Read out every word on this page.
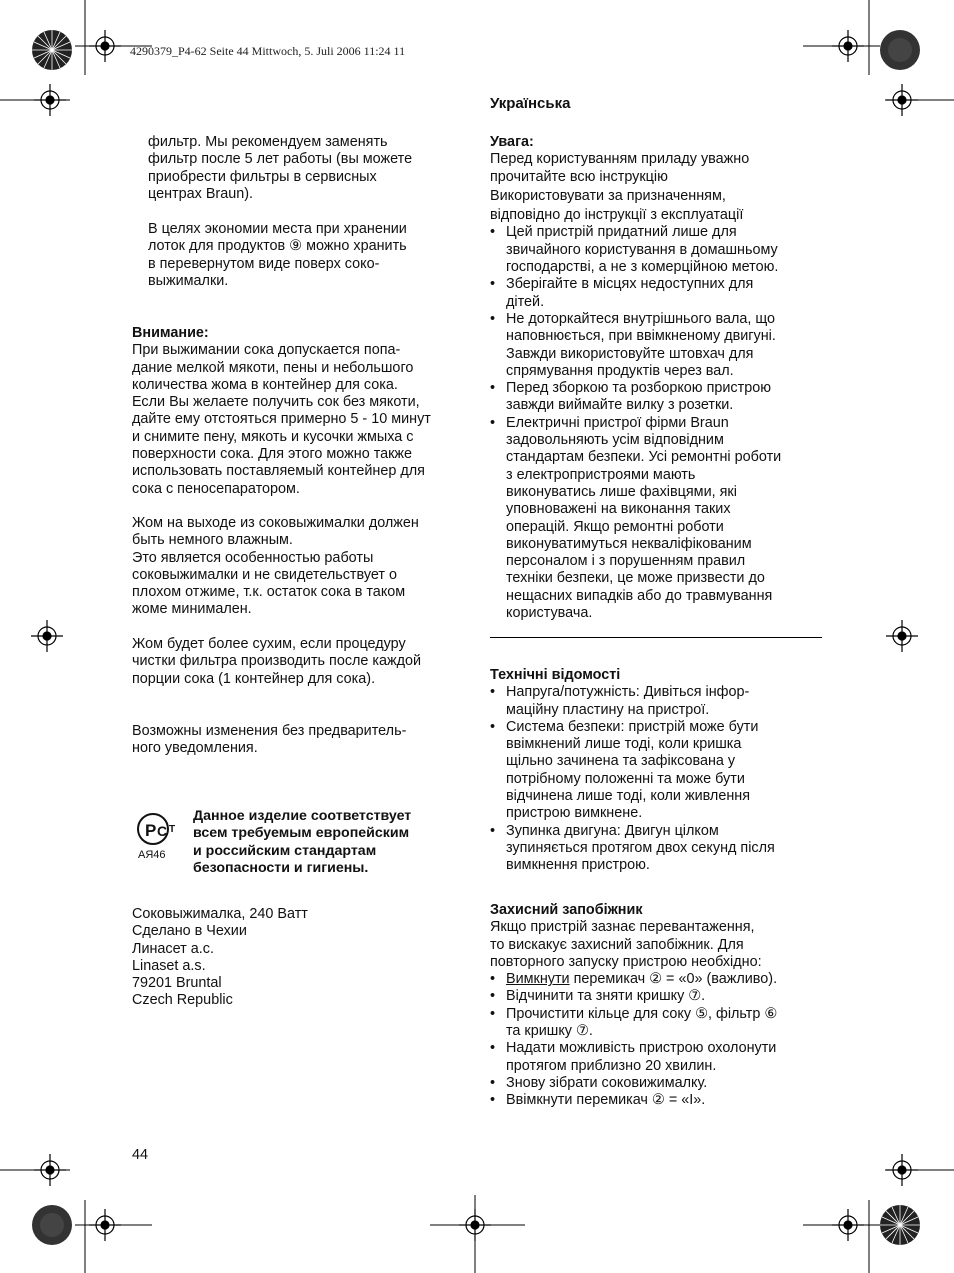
4290379_P4-62 Seite 44 Mittwoch, 5. Juli 2006 11:24 11

фильтр. Мы рекомендуем заменять

фильтр после 5 лет работы (вы можете

приобрести фильтры в сервисных

центрах Braun).

В целях экономии места при хранении

лоток для продуктов ⑨ можно хранить

в перевернутом виде поверх соко-

выжималки.

Внимание:

При выжимании сока допускается попа-

дание мелкой мякоти, пены и небольшого

количества жома в контейнер для сока.

Если Вы желаете получить сок без мякоти,

дайте ему отстояться примерно 5 - 10 минут

и снимите пену, мякоть и кусочки жмыха с

поверхности сока. Для этого можно также

использовать поставляемый контейнер для

сока с пеносепаратором.

Жом на выходе из соковыжималки должен

быть немного влажным.

Это является особенностью работы

соковыжималки и не свидетельствует о

плохом отжиме, т.к. остаток сока в таком

жоме минимален.

Жом будет более сухим, если процедуру

чистки фильтра производить после каждой

порции сока (1 контейнер для сока).

Возможны изменения без предваритель-

ного уведомления.

P C T
АЯ46

Данное изделие соответствует

всем требуемым европейским

и российским стандартам

безопасности и гигиены.

Соковыжималка, 240 Ватт

Сделано в Чехии

Линасет а.с.

Linaset a.s.

79201 Bruntal

Czech Republic

44
Українська

Увага:

Перед користуванням приладу уважно

прочитайте всю інструкцію

Використовувати за призначенням,

відповідно до інструкції з експлуатації

• Цей пристрій придатний лише для

звичайного користування в домашньому

господарстві, а не з комерційною метою.

• Зберігайте в місцях недоступних для

дітей.

• Не доторкайтеся внутрішнього вала, що

наповнюється, при ввімкненому двигуні.

Завжди використовуйте штовхач для

спрямування продуктів через вал.

• Перед зборкою та розборкою пристрою

завжди виймайте вилку з розетки.

• Електричні пристрої фірми Braun

задовольняють усім відповідним

стандартам безпеки. Усі ремонтні роботи

з електропристроями мають

виконуватись лише фахівцями, які

уповноважені на виконання таких

операцій. Якщо ремонтні роботи

виконуватимуться некваліфікованим

персоналом і з порушенням правил

техніки безпеки, це може призвести до

нещасних випадків або до травмування

користувача.

Технічні відомості

• Напруга/потужність: Дивіться інфор-

маційну пластину на пристрої.

• Система безпеки: пристрій може бути

ввімкнений лише тоді, коли кришка

щільно зачинена та зафіксована у

потрібному положенні та може бути

відчинена лише тоді, коли живлення

пристрою вимкнене.

• Зупинка двигуна: Двигун цілком

зупиняється протягом двох секунд після

вимкнення пристрою.

Захисний запобіжник

Якщо пристрій зазнає перевантаження,

то вискакує захисний запобіжник. Для

повторного запуску пристрою необхідно:

• Вимкнути перемикач ② = «0» (важливо).

• Відчинити та зняти кришку ⑦.

• Прочистити кільце для соку ⑤, фільтр ⑥

та кришку ⑦.

• Надати можливість пристрою охолонути

протягом приблизно 20 хвилин.

• Знову зібрати соковижималку.

• Ввімкнути перемикач ② = «I».
